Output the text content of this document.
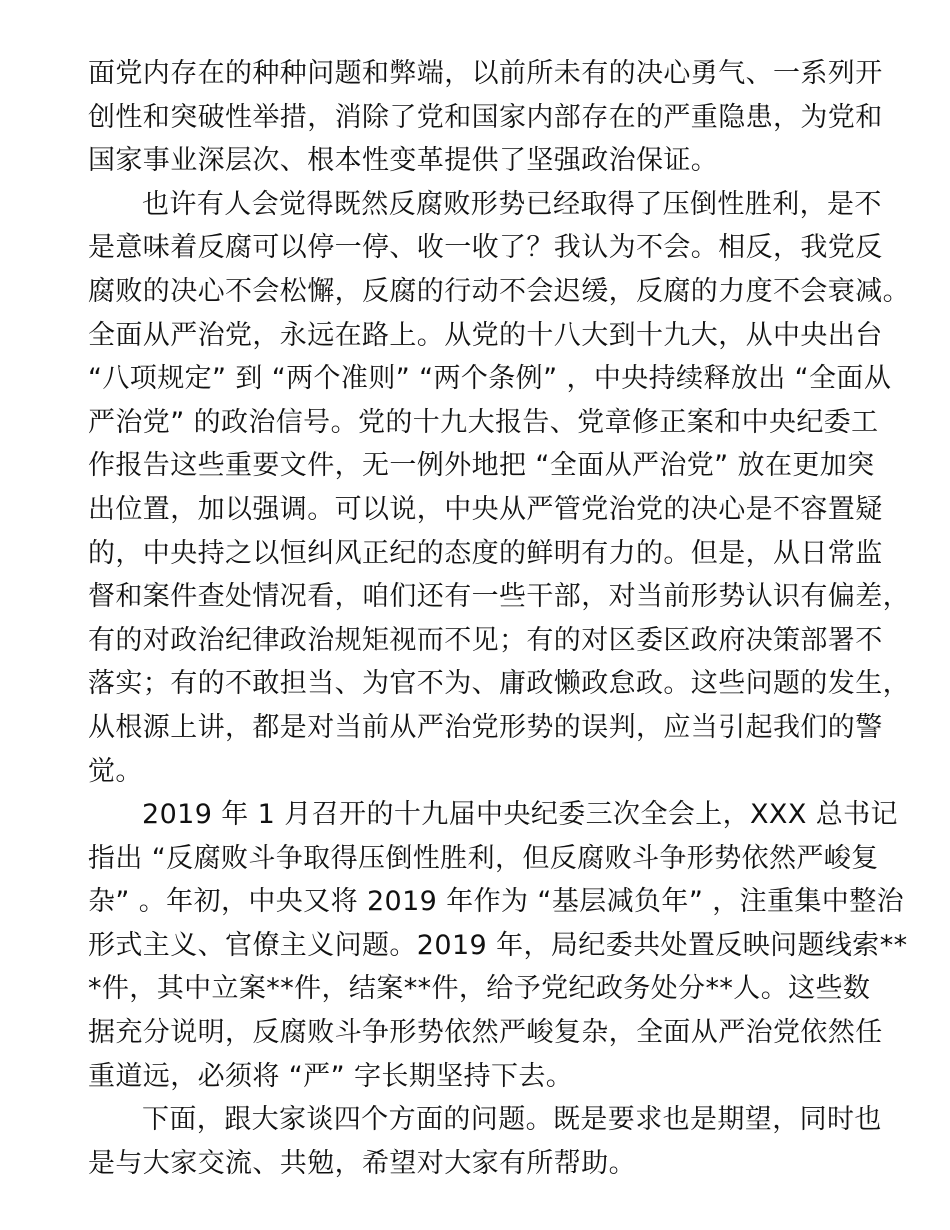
面党内存在的种种问题和弊端，以前所未有的决心勇气、一系列开
创性和突破性举措，消除了党和国家内部存在的严重隐患，为党和
国家事业深层次、根本性变革提供了坚强政治保证。
也许有人会觉得既然反腐败形势已经取得了压倒性胜利，是不
是意味着反腐可以停一停、收一收了？我认为不会。相反，我党反
腐败的决心不会松懈，反腐的行动不会迟缓，反腐的力度不会衰减。
全面从严治党，永远在路上。从党的十八大到十九大，从中央出台
“八项规定” 到 “两个准则” “两个条例” ，中央持续释放出 “全面从
严治党” 的政治信号。党的十九大报告、党章修正案和中央纪委工
作报告这些重要文件，无一例外地把 “全面从严治党” 放在更加突
出位置，加以强调。可以说，中央从严管党治党的决心是不容置疑
的，中央持之以恒纠风正纪的态度的鲜明有力的。但是，从日常监
督和案件查处情况看，咱们还有一些干部，对当前形势认识有偏差，
有的对政治纪律政治规矩视而不见；有的对区委区政府决策部署不
落实；有的不敢担当、为官不为、庸政懒政怠政。这些问题的发生，
从根源上讲，都是对当前从严治党形势的误判，应当引起我们的警
觉。
2019 年 1 月召开的十九届中央纪委三次全会上，XXX 总书记
指出 “反腐败斗争取得压倒性胜利，但反腐败斗争形势依然严峻复
杂” 。年初，中央又将 2019 年作为 “基层减负年” ，注重集中整治
形式主义、官僚主义问题。2019 年，局纪委共处置反映问题线索**
*件，其中立案**件，结案**件，给予党纪政务处分**人。这些数
据充分说明，反腐败斗争形势依然严峻复杂，全面从严治党依然任
重道远，必须将 “严” 字长期坚持下去。
下面，跟大家谈四个方面的问题。既是要求也是期望，同时也
是与大家交流、共勉，希望对大家有所帮助。
